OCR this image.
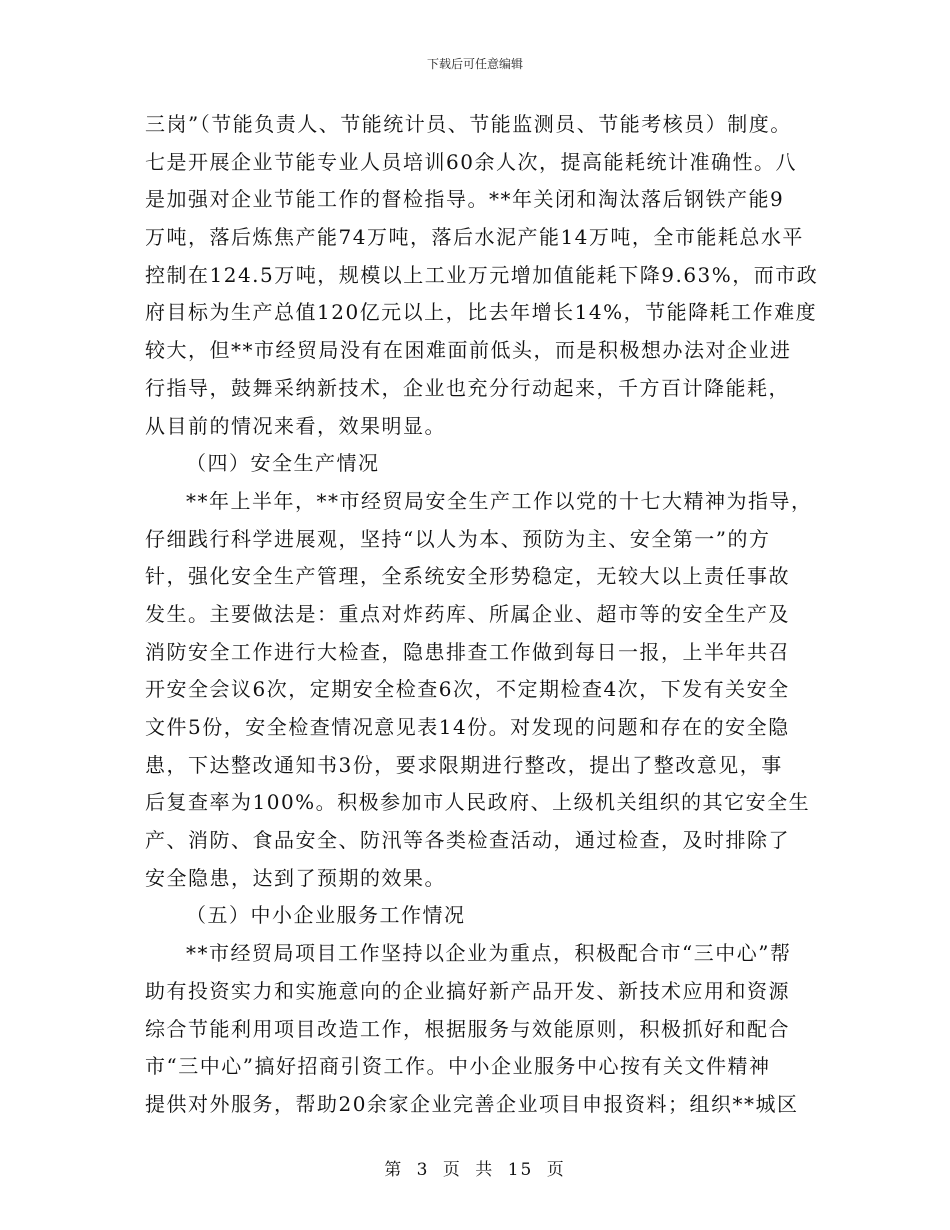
下载后可任意编辑
三岗”（节能负责人、节能统计员、节能监测员、节能考核员）制度。
七是开展企业节能专业人员培训60余人次，提高能耗统计准确性。八
是加强对企业节能工作的督检指导。**年关闭和淘汰落后钢铁产能9
万吨，落后炼焦产能74万吨，落后水泥产能14万吨，全市能耗总水平
控制在124.5万吨，规模以上工业万元增加值能耗下降9.63%，而市政
府目标为生产总值120亿元以上，比去年增长14%，节能降耗工作难度
较大，但**市经贸局没有在困难面前低头，而是积极想办法对企业进
行指导，鼓舞采纳新技术，企业也充分行动起来，千方百计降能耗，
从目前的情况来看，效果明显。
（四）安全生产情况
**年上半年，**市经贸局安全生产工作以党的十七大精神为指导，
仔细践行科学进展观，坚持“以人为本、预防为主、安全第一”的方
针，强化安全生产管理，全系统安全形势稳定，无较大以上责任事故
发生。主要做法是：重点对炸药库、所属企业、超市等的安全生产及
消防安全工作进行大检查，隐患排查工作做到每日一报，上半年共召
开安全会议6次，定期安全检查6次，不定期检查4次，下发有关安全
文件5份，安全检查情况意见表14份。对发现的问题和存在的安全隐
患，下达整改通知书3份，要求限期进行整改，提出了整改意见，事
后复查率为100%。积极参加市人民政府、上级机关组织的其它安全生
产、消防、食品安全、防汛等各类检查活动，通过检查，及时排除了
安全隐患，达到了预期的效果。
（五）中小企业服务工作情况
**市经贸局项目工作坚持以企业为重点，积极配合市“三中心”帮
助有投资实力和实施意向的企业搞好新产品开发、新技术应用和资源
综合节能利用项目改造工作，根据服务与效能原则，积极抓好和配合
市“三中心”搞好招商引资工作。中小企业服务中心按有关文件精神
提供对外服务，帮助20余家企业完善企业项目申报资料；组织**城区
第 3 页 共 15 页
